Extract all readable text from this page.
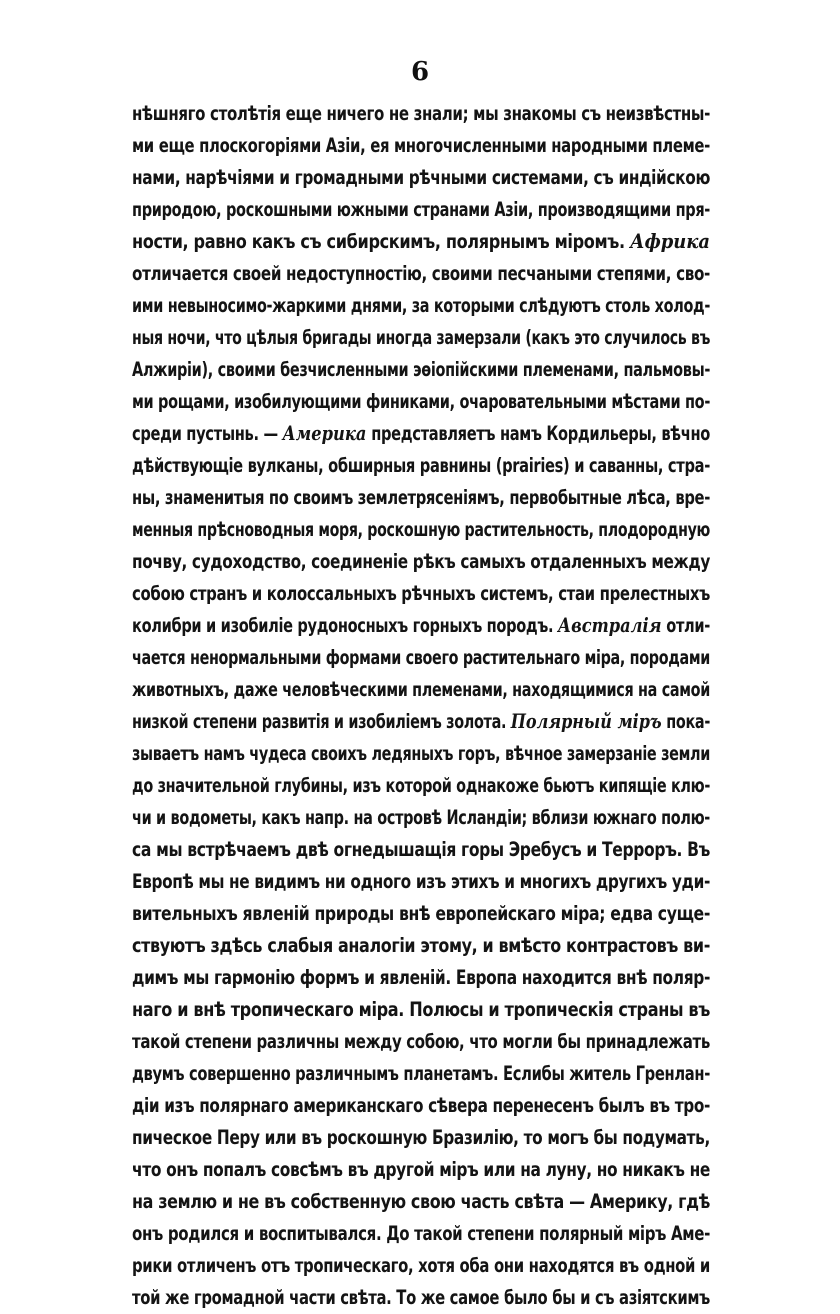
6
нѣшняго столѣтія еще ничего не знали; мы знакомы съ неизвѣстны-
ми еще плоскогоріями Азіи, ея многочисленными народными племе-
нами, нарѣчіями и громадными рѣчными системами, съ индійскою
природою, роскошными южными странами Азіи, производящими пря-
ности, равно какъ съ сибирскимъ, полярнымъ міромъ. Африка
отличается своей недоступностію, своими песчаными степями, сво-
ими невыносимо-жаркими днями, за которыми слѣдуютъ столь холод-
ныя ночи, что цѣлыя бригады иногда замерзали (какъ это случилось въ
Алжиріи), своими безчисленными эѳіопійскими племенами, пальмовы-
ми рощами, изобилующими финиками, очаровательными мѣстами по-
среди пустынь. — Америка представляетъ намъ Кордильеры, вѣчно
дѣйствующіе вулканы, обширныя равнины (prairies) и саванны, стра-
ны, знаменитыя по своимъ землетрясеніямъ, первобытные лѣса, вре-
менныя прѣсноводныя моря, роскошную растительность, плодородную
почву, судоходство, соединеніе рѣкъ самыхъ отдаленныхъ между
собою странъ и колоссальныхъ рѣчныхъ системъ, стаи прелестныхъ
колибри и изобиліе рудоносныхъ горныхъ породъ. Австралія отли-
чается ненормальными формами своего растительнаго міра, породами
животныхъ, даже человѣческими племенами, находящимися на самой
низкой степени развитія и изобиліемъ золота. Полярный міръ пока-
зываетъ намъ чудеса своихъ ледяныхъ горъ, вѣчное замерзаніе земли
до значительной глубины, изъ которой однакоже бьютъ кипящіе клю-
чи и водометы, какъ напр. на островѣ Исландіи; вблизи южнаго полю-
са мы встрѣчаемъ двѣ огнедышащія горы Эребусъ и Терроръ. Въ
Европѣ мы не видимъ ни одного изъ этихъ и многихъ другихъ уди-
вительныхъ явленій природы внѣ европейскаго міра; едва суще-
ствуютъ здѣсь слабыя аналогіи этому, и вмѣсто контрастовъ ви-
димъ мы гармонію формъ и явленій. Европа находится внѣ поляр-
наго и внѣ тропическаго міра. Полюсы и тропическія страны въ
такой степени различны между собою, что могли бы принадлежать
двумъ совершенно различнымъ планетамъ. Еслибы житель Гренлан-
діи изъ полярнаго американскаго сѣвера перенесенъ былъ въ тро-
пическое Перу или въ роскошную Бразилію, то могъ бы подумать,
что онъ попалъ совсѣмъ въ другой міръ или на луну, но никакъ не
на землю и не въ собственную свою часть свѣта — Америку, гдѣ
онъ родился и воспитывался. До такой степени полярный міръ Аме-
рики отличенъ отъ тропическаго, хотя оба они находятся въ одной и
той же громадной части свѣта. То же самое было бы и съ азіятскимъ
